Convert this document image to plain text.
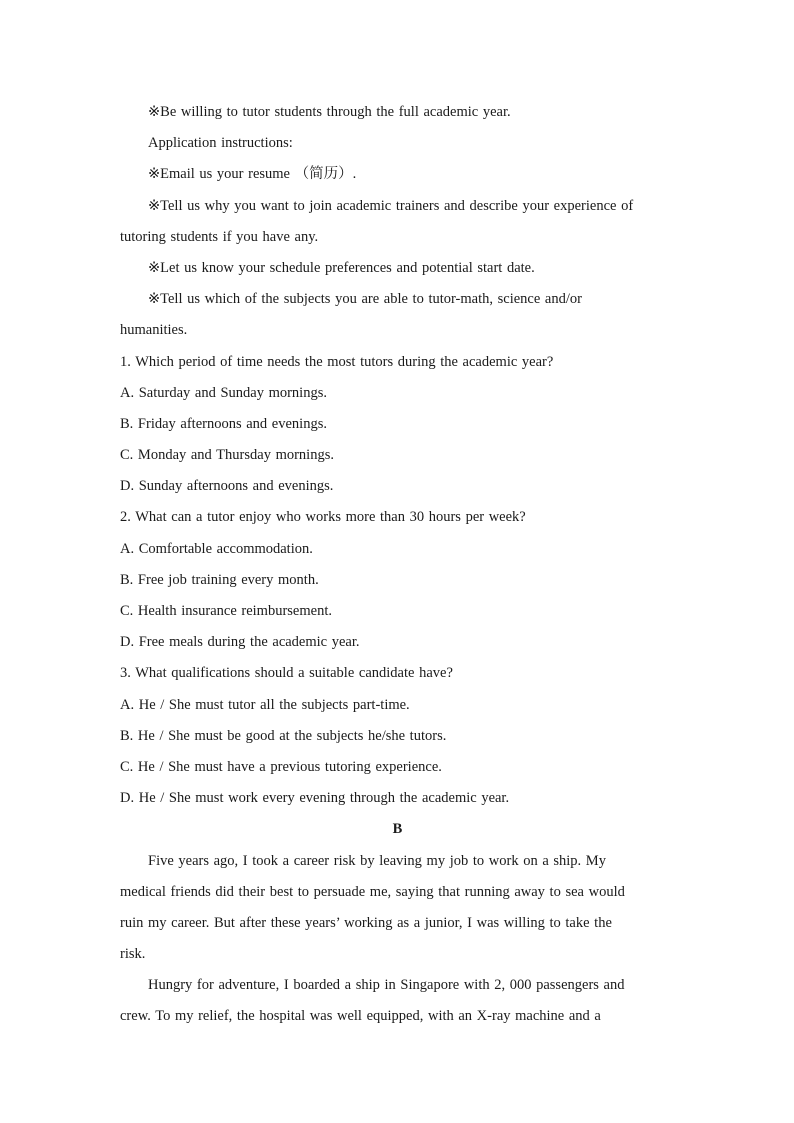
※Be willing to tutor students through the full academic year.
Application instructions:
※Email us your resume （简历）.
※Tell us why you want to join academic trainers and describe your experience of
tutoring students if you have any.
※Let us know your schedule preferences and potential start date.
※Tell us which of the subjects you are able to tutor-math, science and/or
humanities.
1. Which period of time needs the most tutors during the academic year?
A. Saturday and Sunday mornings.
B. Friday afternoons and evenings.
C. Monday and Thursday mornings.
D. Sunday afternoons and evenings.
2. What can a tutor enjoy who works more than 30 hours per week?
A. Comfortable accommodation.
B. Free job training every month.
C. Health insurance reimbursement.
D. Free meals during the academic year.
3. What qualifications should a suitable candidate have?
A. He / She must tutor all the subjects part-time.
B. He / She must be good at the subjects he/she tutors.
C. He / She must have a previous tutoring experience.
D. He / She must work every evening through the academic year.
B
Five years ago, I took a career risk by leaving my job to work on a ship. My
medical friends did their best to persuade me, saying that running away to sea would
ruin my career. But after these years’ working as a junior, I was willing to take the
risk.
Hungry for adventure, I boarded a ship in Singapore with 2, 000 passengers and
crew. To my relief, the hospital was well equipped, with an X-ray machine and a
